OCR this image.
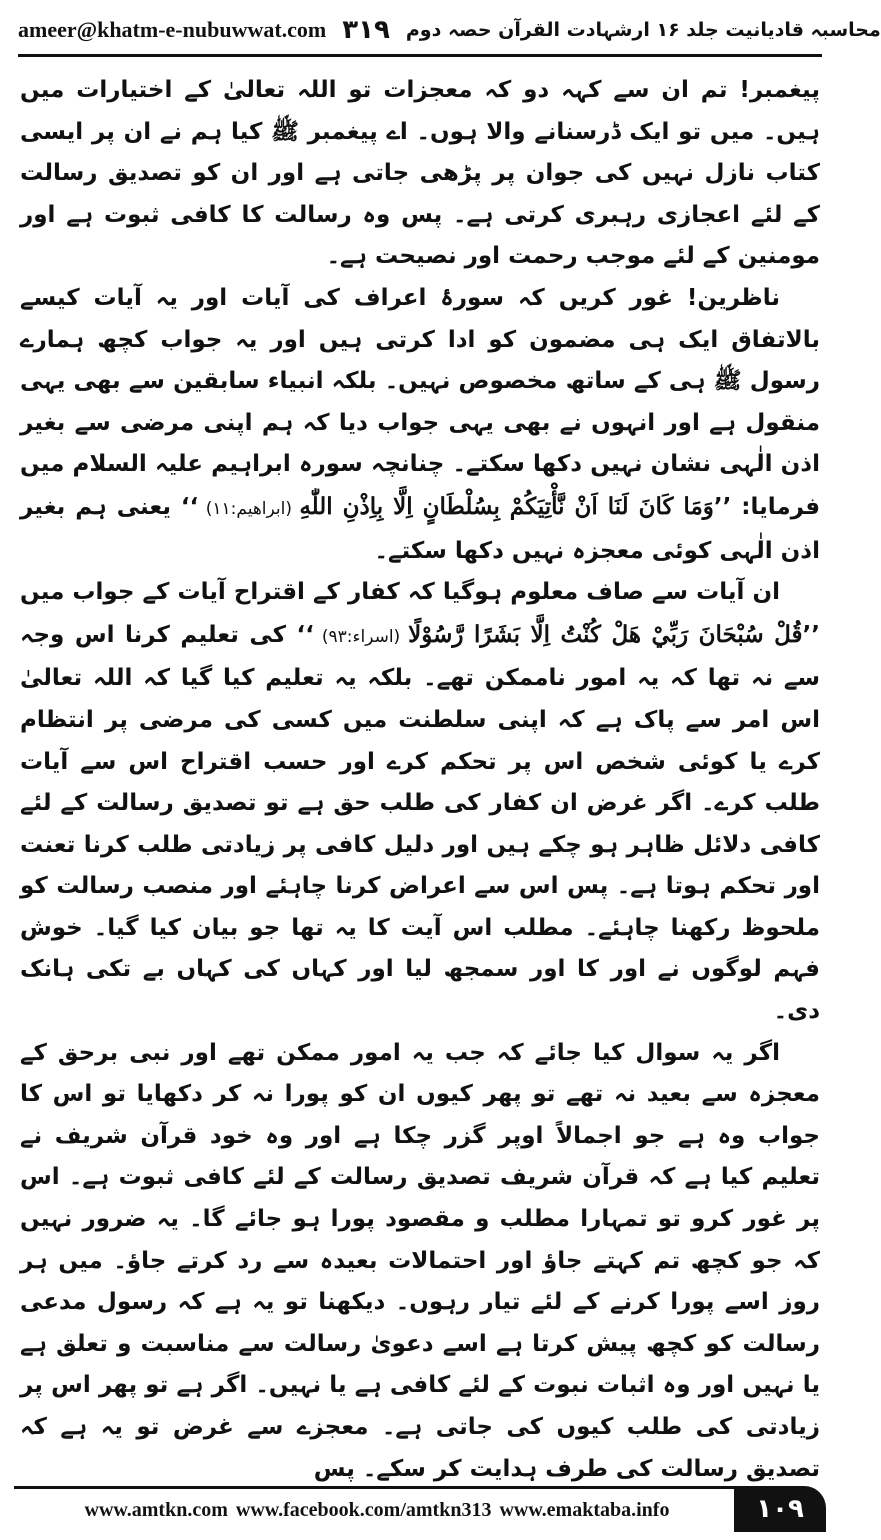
ameer@khatm-e-nubuwwat.com ۳۱۹ محاسبہ قادیانیت جلد ۱۶ ارشہادت القرآن حصہ دوم

پیغمبر! تم ان سے کہہ دو کہ معجزات تو اللہ تعالیٰ کے اختیارات میں ہیں۔ میں تو ایک ڈرسنانے والا ہوں۔ اے پیغمبر ﷺ کیا ہم نے ان پر ایسی کتاب نازل نہیں کی جوان پر پڑھی جاتی ہے اور ان کو تصدیق رسالت کے لئے اعجازی رہبری کرتی ہے۔ پس وہ رسالت کا کافی ثبوت ہے اور مومنین کے لئے موجب رحمت اور نصیحت ہے۔

ناظرین! غور کریں کہ سورۂ اعراف کی آیات اور یہ آیات کیسے بالاتفاق ایک ہی مضمون کو ادا کرتی ہیں اور یہ جواب کچھ ہمارے رسول ﷺ ہی کے ساتھ مخصوص نہیں۔ بلکہ انبیاء سابقین سے بھی یہی منقول ہے اور انہوں نے بھی یہی جواب دیا کہ ہم اپنی مرضی سے بغیر اذن الٰہی نشان نہیں دکھا سکتے۔ چنانچہ سورہ ابراہیم علیہ السلام میں فرمایا: ’’وَمَا كَانَ لَنَا اَنْ نَّأْتِيَكُمْ بِسُلْطَانٍ اِلَّا بِاِذْنِ اللّٰهِ (ابراھیم:۱۱) ‘‘ یعنی ہم بغیر اذن الٰہی کوئی معجزہ نہیں دکھا سکتے۔

ان آیات سے صاف معلوم ہوگیا کہ کفار کے اقتراح آیات کے جواب میں ’’قُلْ سُبْحَانَ رَبِّيْ هَلْ كُنْتُ اِلَّا بَشَرًا رَّسُوْلًا (اسراء:۹۳) ‘‘ کی تعلیم کرنا اس وجہ سے نہ تھا کہ یہ امور ناممکن تھے۔ بلکہ یہ تعلیم کیا گیا کہ اللہ تعالیٰ اس امر سے پاک ہے کہ اپنی سلطنت میں کسی کی مرضی پر انتظام کرے یا کوئی شخص اس پر تحکم کرے اور حسب اقتراح اس سے آیات طلب کرے۔ اگر غرض ان کفار کی طلب حق ہے تو تصدیق رسالت کے لئے کافی دلائل ظاہر ہو چکے ہیں اور دلیل کافی پر زیادتی طلب کرنا تعنت اور تحکم ہوتا ہے۔ پس اس سے اعراض کرنا چاہئے اور منصب رسالت کو ملحوظ رکھنا چاہئے۔ مطلب اس آیت کا یہ تھا جو بیان کیا گیا۔ خوش فہم لوگوں نے اور کا اور سمجھ لیا اور کہاں کی کہاں بے تکی ہانک دی۔

اگر یہ سوال کیا جائے کہ جب یہ امور ممکن تھے اور نبی برحق کے معجزہ سے بعید نہ تھے تو پھر کیوں ان کو پورا نہ کر دکھایا تو اس کا جواب وہ ہے جو اجمالاً اوپر گزر چکا ہے اور وہ خود قرآن شریف نے تعلیم کیا ہے کہ قرآن شریف تصدیق رسالت کے لئے کافی ثبوت ہے۔ اس پر غور کرو تو تمہارا مطلب و مقصود پورا ہو جائے گا۔ یہ ضرور نہیں کہ جو کچھ تم کہتے جاؤ اور احتمالات بعیدہ سے رد کرتے جاؤ۔ میں ہر روز اسے پورا کرنے کے لئے تیار رہوں۔ دیکھنا تو یہ ہے کہ رسول مدعی رسالت کو کچھ پیش کرتا ہے اسے دعویٰ رسالت سے مناسبت و تعلق ہے یا نہیں اور وہ اثبات نبوت کے لئے کافی ہے یا نہیں۔ اگر ہے تو پھر اس پر زیادتی کی طلب کیوں کی جاتی ہے۔ معجزے سے غرض تو یہ ہے کہ تصدیق رسالت کی طرف ہدایت کر سکے۔ پس

www.amtkn.com www.facebook.com/amtkn313 www.emaktaba.info	۱۰۹
